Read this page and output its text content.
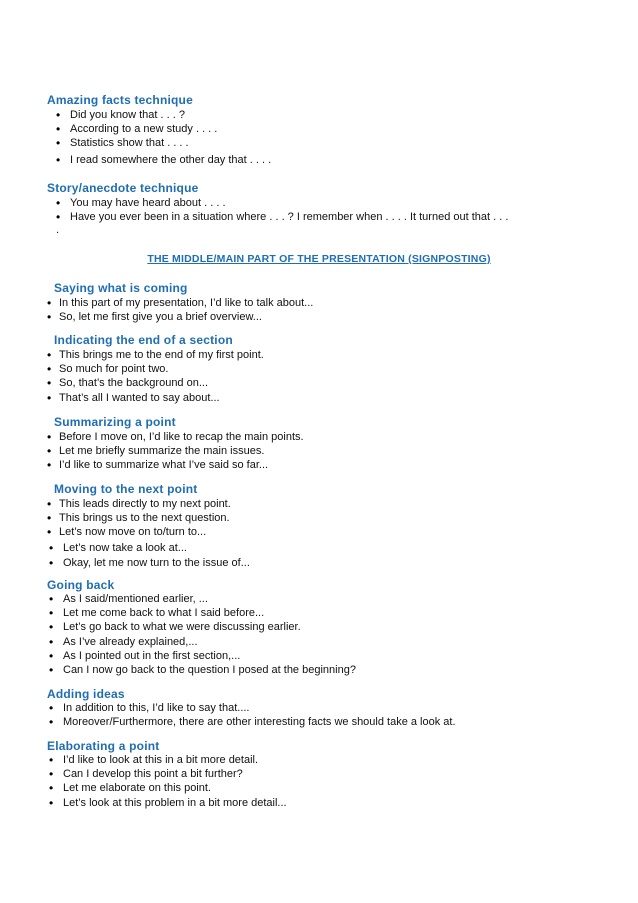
Amazing facts technique
• Did you know that . . . ?
• According to a new study . . . .
• Statistics show that . . . .
• I read somewhere the other day that . . . .
Story/anecdote technique
• You may have heard about . . . .
• Have you ever been in a situation where . . . ? I remember when . . . . It turned out that . . .
.
THE MIDDLE/MAIN PART OF THE PRESENTATION (SIGNPOSTING)
Saying what is coming
• In this part of my presentation, I’d like to talk about...
• So, let me first give you a brief overview...
Indicating the end of a section
• This brings me to the end of my first point.
• So much for point two.
• So, that’s the background on...
• That’s all I wanted to say about...
Summarizing a point
• Before I move on, I’d like to recap the main points.
• Let me briefly summarize the main issues.
• I’d like to summarize what I’ve said so far...
Moving to the next point
• This leads directly to my next point.
• This brings us to the next question.
• Let’s now move on to/turn to...
• Let’s now take a look at...
• Okay, let me now turn to the issue of...
Going back
• As I said/mentioned earlier, ...
• Let me come back to what I said before...
• Let’s go back to what we were discussing earlier.
• As I’ve already explained,...
• As I pointed out in the first section,...
• Can I now go back to the question I posed at the beginning?
Adding ideas
• In addition to this, I’d like to say that....
• Moreover/Furthermore, there are other interesting facts we should take a look at.
Elaborating a point
• I’d like to look at this in a bit more detail.
• Can I develop this point a bit further?
• Let me elaborate on this point.
• Let’s look at this problem in a bit more detail...
